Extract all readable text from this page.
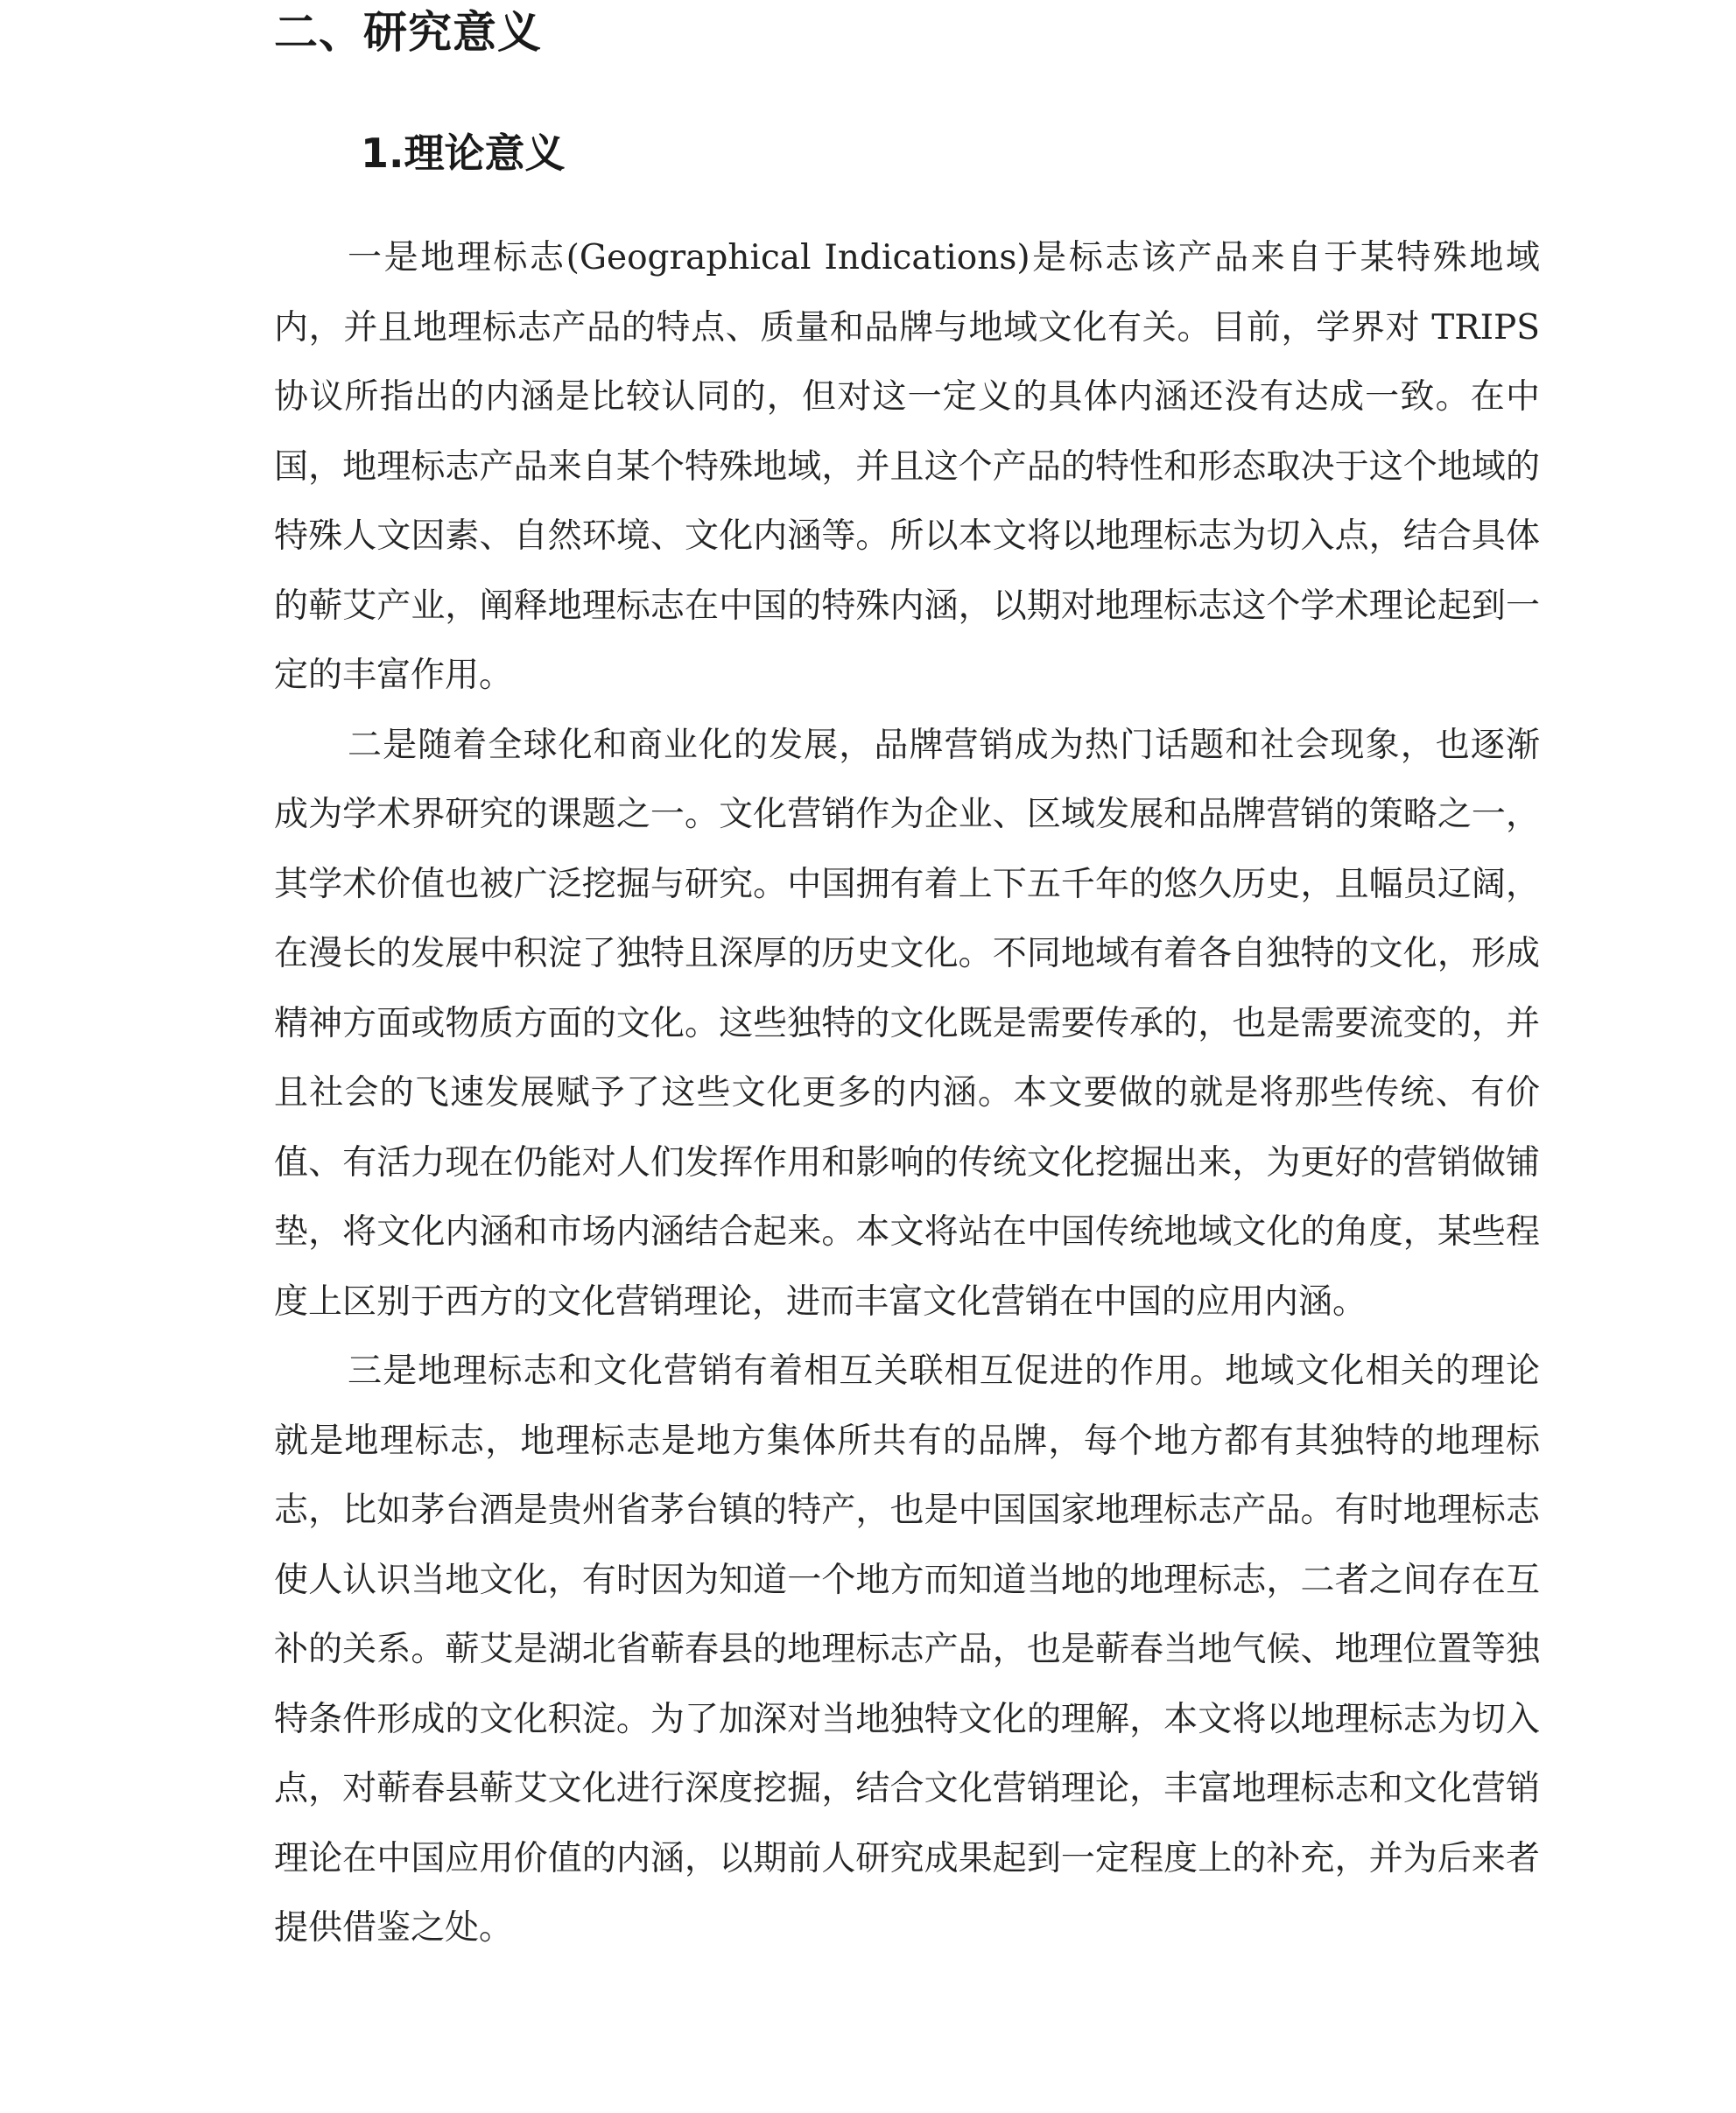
二、研究意义
1.理论意义

一是地理标志(Geographical Indications)是标志该产品来自于某特殊地域内，并且地理标志产品的特点、质量和品牌与地域文化有关。目前，学界对 TRIPS 协议所指出的内涵是比较认同的，但对这一定义的具体内涵还没有达成一致。在中国，地理标志产品来自某个特殊地域，并且这个产品的特性和形态取决于这个地域的特殊人文因素、自然环境、文化内涵等。所以本文将以地理标志为切入点，结合具体的蕲艾产业，阐释地理标志在中国的特殊内涵，以期对地理标志这个学术理论起到一定的丰富作用。

二是随着全球化和商业化的发展，品牌营销成为热门话题和社会现象，也逐渐成为学术界研究的课题之一。文化营销作为企业、区域发展和品牌营销的策略之一，其学术价值也被广泛挖掘与研究。中国拥有着上下五千年的悠久历史，且幅员辽阔，在漫长的发展中积淀了独特且深厚的历史文化。不同地域有着各自独特的文化，形成精神方面或物质方面的文化。这些独特的文化既是需要传承的，也是需要流变的，并且社会的飞速发展赋予了这些文化更多的内涵。本文要做的就是将那些传统、有价值、有活力现在仍能对人们发挥作用和影响的传统文化挖掘出来，为更好的营销做铺垫，将文化内涵和市场内涵结合起来。本文将站在中国传统地域文化的角度，某些程度上区别于西方的文化营销理论，进而丰富文化营销在中国的应用内涵。

三是地理标志和文化营销有着相互关联相互促进的作用。地域文化相关的理论就是地理标志，地理标志是地方集体所共有的品牌，每个地方都有其独特的地理标志，比如茅台酒是贵州省茅台镇的特产，也是中国国家地理标志产品。有时地理标志使人认识当地文化，有时因为知道一个地方而知道当地的地理标志，二者之间存在互补的关系。蕲艾是湖北省蕲春县的地理标志产品，也是蕲春当地气候、地理位置等独特条件形成的文化积淀。为了加深对当地独特文化的理解，本文将以地理标志为切入点，对蕲春县蕲艾文化进行深度挖掘，结合文化营销理论，丰富地理标志和文化营销理论在中国应用价值的内涵，以期前人研究成果起到一定程度上的补充，并为后来者提供借鉴之处。
